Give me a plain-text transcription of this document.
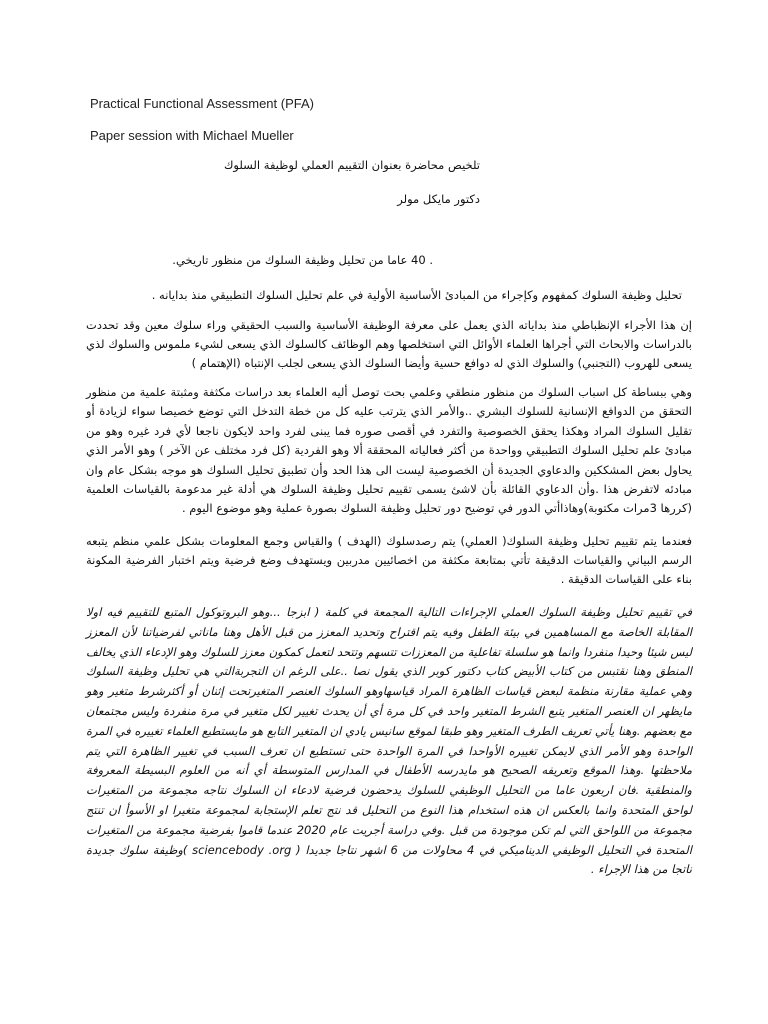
Practical Functional Assessment (PFA)
Paper session with Michael Mueller
تلخيص محاضرة بعنوان التقييم العملي لوظيفة السلوك
دكتور مايكل مولر
. 40 عاما من تحليل وظيفة السلوك من منظور تاريخي.
تحليل وظيفة السلوك كمفهوم وكإجراء من المبادئ الأساسية الأولية في علم تحليل السلوك التطبيقي منذ بدايانه .
إن هذا الأجراء الإنظباطي منذ بداياته الذي يعمل على معرفة الوظيفة الأساسية والسبب الحقيقي وراء سلوك معين وقد تحددت بالدراسات والابحاث التي أجراها العلماء الأوائل التي استخلصها وهم الوظائف كالسلوك الذي يسعى لشيء ملموس والسلوك لذي يسعى للهروب (التجنبي) والسلوك الذي له دوافع حسية وأيضا السلوك الذي يسعى لجلب الإنتباه (الإهتمام )
وهي ببساطة كل اسباب السلوك من منظور منطقي وعلمي بحت توصل أليه العلماء بعد دراسات مكثفة ومثبتة علمية من منظور التحقق من الدوافع الإنسانية للسلوك البشري ..والأمر الذي يترتب عليه كل من خطة التدخل التي توضع خصيصا سواء لزيادة أو تقليل السلوك المراد وهكذا يحقق الخصوصية والتفرد في أقصى صوره فما يبنى لفرد واحد لايكون ناجعا لأي فرد غيره وهو من مبادئ علم تحليل السلوك التطبيقي وواحدة من أكثر فعالياته المحققة ألا وهو الفردية (كل فرد مختلف عن الآخر ) وهو الأمر الذي يحاول بعض المشككين والدعاوي الجديدة أن الخصوصية ليست الى هذا الحد وأن تطبيق تحليل السلوك هو موجه بشكل عام وان مبادئه لاتفرض هذا .وأن الدعاوي القائلة بأن لاشئ يسمى تقييم تحليل وظيفة السلوك هي أدلة غير مدعومة بالقياسات العلمية (كررها 3مرات مكتوبة)وهاذاأتي الدور في توضيح دور تحليل وظيفة السلوك بصورة عملية وهو موضوع اليوم .
فعندما يتم تقييم تحليل وظيفة السلوك( العملي) يتم رصدسلوك (الهدف ) والقياس وجمع المعلومات بشكل علمي منظم يتبعه الرسم البياني والقياسات الدقيقة تأتي بمتابعة مكثفة من اخصائيين مدربين ويستهدف وضع فرضية ويتم اختبار الفرضية المكونة بناء على القياسات الدقيقة .
في تقييم تحليل وظيفة السلوك العملي الإجراءات التالية المجمعة في كلمة ( ابزجا ...وهو البروتوكول المتبع للتقييم فيه اولا المقابلة الخاصة مع المساهمين في بيئة الطفل وفيه يتم اقتراح وتحديد المعزز من قبل الأهل وهنا ماناتي لفرضياتنا لأن المعزز ليس شيئا وحيدا منفردا وانما هو سلسلة تفاعلية من المعززات تتسهم وتتحد لتعمل كمكون معزز للسلوك وهو الإدعاء الذي يخالف المنطق وهنا نقتبس من كتاب الأبيض كتاب دكتور كوبر الذي يقول نصا ..على الرغم ان التجربةالتي هي تحليل وظيفة السلوك وهي عملية مقارنة منظمة لبعض قياسات الظاهرة المراد قياسهاوهو السلوك العنصر المتغيرتحت إثنان أو أكثرشرط متغير وهو مايظهر ان العنصر المتغير يتبع الشرط المتغير واحد في كل مرة أي أن يحدث تغيير لكل متغير في مرة منفردة وليس مجتمعان مع بعضهم .وهنا يأتي تعريف الطرف المتغير وهو طبقا لموقع سانيس يادي ان المتغير التابع هو مايستطيع العلماء تغييره في المرة الواحدة وهو الأمر الذي لايمكن تغييره الأواحدا في المرة الواحدة حتى تستطيع ان تعرف السبب في تغيير الظاهرة التي يتم ملاحظتها .وهذا الموقع وتعريفه الصحيح هو مايدرسه الأطفال في المدارس المتوسطة أي أنه من العلوم البسيطة المعروفة والمنطقية .فان اربعون عاما من التحليل الوظيفي للسلوك يدحضون فرضية لادعاء ان السلوك نتاجه مجموعة من المتغيرات لواحق المتحدة وانما بالعكس ان هذه استخدام هذا النوع من التحليل قد نتج تعلم الإستجابة لمجموعة متغيرا او الأسوأ ان تنتج مجموعة من اللواحق التي لم تكن موجودة من قبل .وفي دراسة أجريت عام 2020 عندما قاموا بفرضية مجموعة من المتغيرات المتحدة في التحليل الوظيفي الديناميكي في 4 محاولات من 6 اشهر نتاجا جديدا ( sciencebody .org )وظيفة سلوك جديدة ناتجا من هذا الإجراء .
